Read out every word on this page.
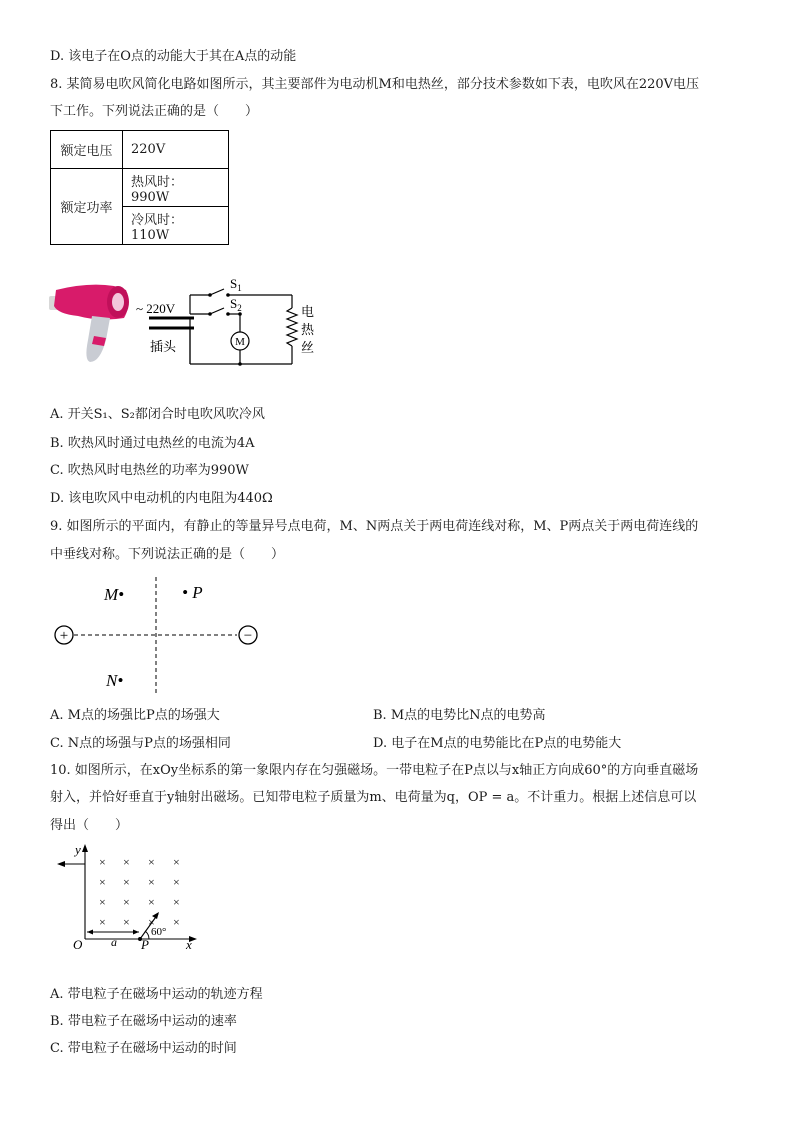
D. 该电子在O点的动能大于其在A点的动能
8. 某简易电吹风简化电路如图所示，其主要部件为电动机M和电热丝，部分技术参数如下表，电吹风在220V电压
下工作。下列说法正确的是（　　）
额定电压	220V
额定功率	热风时：990W
	冷风时：110W
$S_1$
$S_2$
~ 220V
插头	M
电
热
丝
A. 开关S₁、S₂都闭合时电吹风吹冷风
B. 吹热风时通过电热丝的电流为4A
C. 吹热风时电热丝的功率为990W
D. 该电吹风中电动机的内电阻为440Ω
9. 如图所示的平面内，有静止的等量异号点电荷，M、N两点关于两电荷连线对称，M、P两点关于两电荷连线的
中垂线对称。下列说法正确的是（　　）
+	−
M•	• P
N•
A. M点的场强比P点的场强大	B. M点的电势比N点的电势高
C. N点的场强与P点的场强相同	D. 电子在M点的电势能比在P点的电势能大
10. 如图所示，在xOy坐标系的第一象限内存在匀强磁场。一带电粒子在P点以与x轴正方向成60°的方向垂直磁场
射入，并恰好垂直于y轴射出磁场。已知带电粒子质量为m、电荷量为q，OP = a。不计重力。根据上述信息可以
得出（　　）
× × × ×
× × × ×
× × × ×
× × × ×
y
x
O a P
60°
A. 带电粒子在磁场中运动的轨迹方程
B. 带电粒子在磁场中运动的速率
C. 带电粒子在磁场中运动的时间
